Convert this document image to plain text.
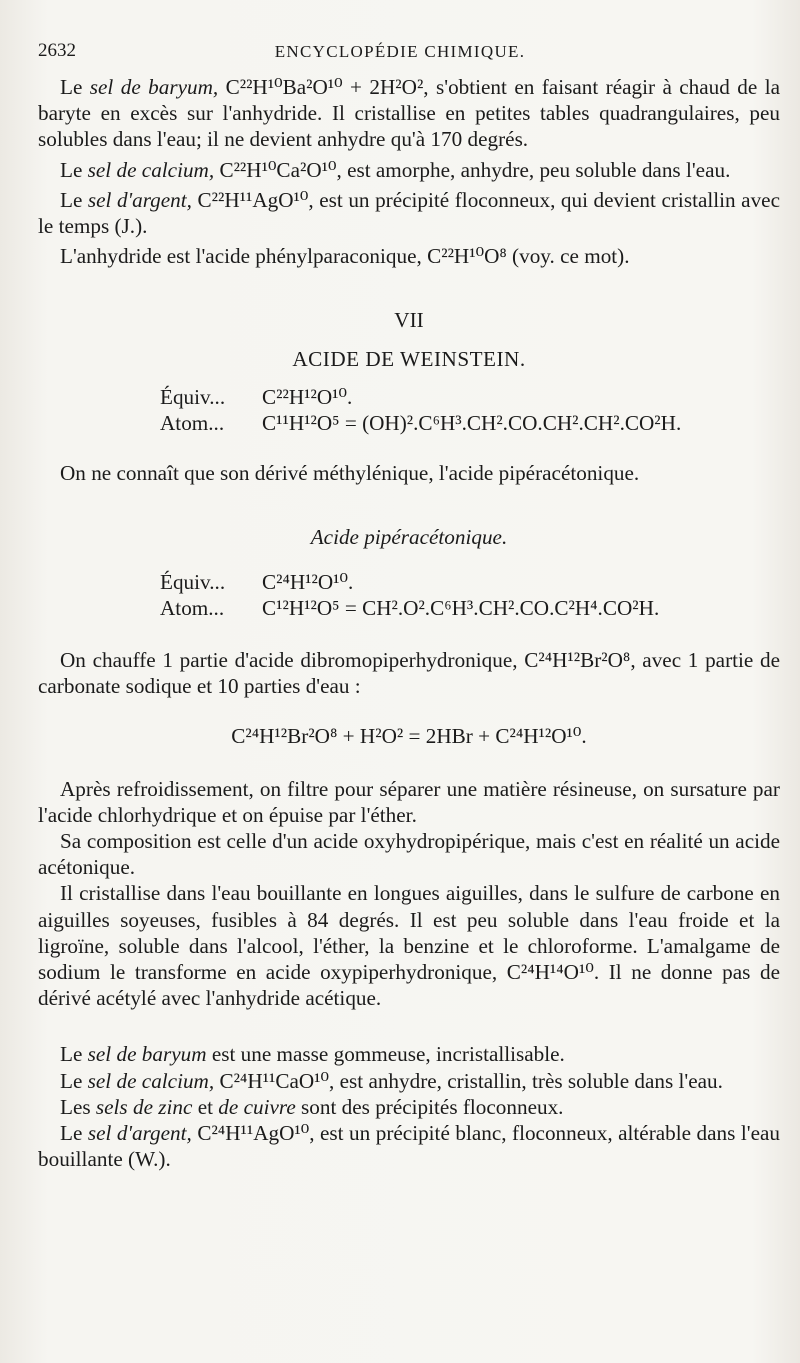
2632	ENCYCLOPÉDIE CHIMIQUE.

Le sel de baryum, C²²H¹⁰Ba²O¹⁰ + 2H²O², s'obtient en faisant réagir à chaud de la baryte en excès sur l'anhydride. Il cristallise en petites tables quadrangulaires, peu solubles dans l'eau; il ne devient anhydre qu'à 170 degrés.

Le sel de calcium, C²²H¹⁰Ca²O¹⁰, est amorphe, anhydre, peu soluble dans l'eau.

Le sel d'argent, C²²H¹¹AgO¹⁰, est un précipité floconneux, qui devient cristallin avec le temps (J.).

L'anhydride est l'acide phénylparaconique, C²²H¹⁰O⁸ (voy. ce mot).

VII
ACIDE DE WEINSTEIN.
Équiv... C²²H¹²O¹⁰.
Atom... C¹¹H¹²O⁵ = (OH)².C⁶H³.CH².CO.CH².CH².CO²H.

On ne connaît que son dérivé méthylénique, l'acide pipéracétonique.

Acide pipéracétonique.
Équiv... C²⁴H¹²O¹⁰.
Atom... C¹²H¹²O⁵ = CH².O².C⁶H³.CH².CO.C²H⁴.CO²H.

On chauffe 1 partie d'acide dibromopiperhydronique, C²⁴H¹²Br²O⁸, avec 1 partie de carbonate sodique et 10 parties d'eau :

C²⁴H¹²Br²O⁸ + H²O² = 2HBr + C²⁴H¹²O¹⁰.

Après refroidissement, on filtre pour séparer une matière résineuse, on sursature par l'acide chlorhydrique et on épuise par l'éther.

Sa composition est celle d'un acide oxyhydropipérique, mais c'est en réalité un acide acétonique.

Il cristallise dans l'eau bouillante en longues aiguilles, dans le sulfure de carbone en aiguilles soyeuses, fusibles à 84 degrés. Il est peu soluble dans l'eau froide et la ligroïne, soluble dans l'alcool, l'éther, la benzine et le chloroforme. L'amalgame de sodium le transforme en acide oxypiperhydronique, C²⁴H¹⁴O¹⁰. Il ne donne pas de dérivé acétylé avec l'anhydride acétique.

Le sel de baryum est une masse gommeuse, incristallisable.

Le sel de calcium, C²⁴H¹¹CaO¹⁰, est anhydre, cristallin, très soluble dans l'eau.

Les sels de zinc et de cuivre sont des précipités floconneux.

Le sel d'argent, C²⁴H¹¹AgO¹⁰, est un précipité blanc, floconneux, altérable dans l'eau bouillante (W.).
